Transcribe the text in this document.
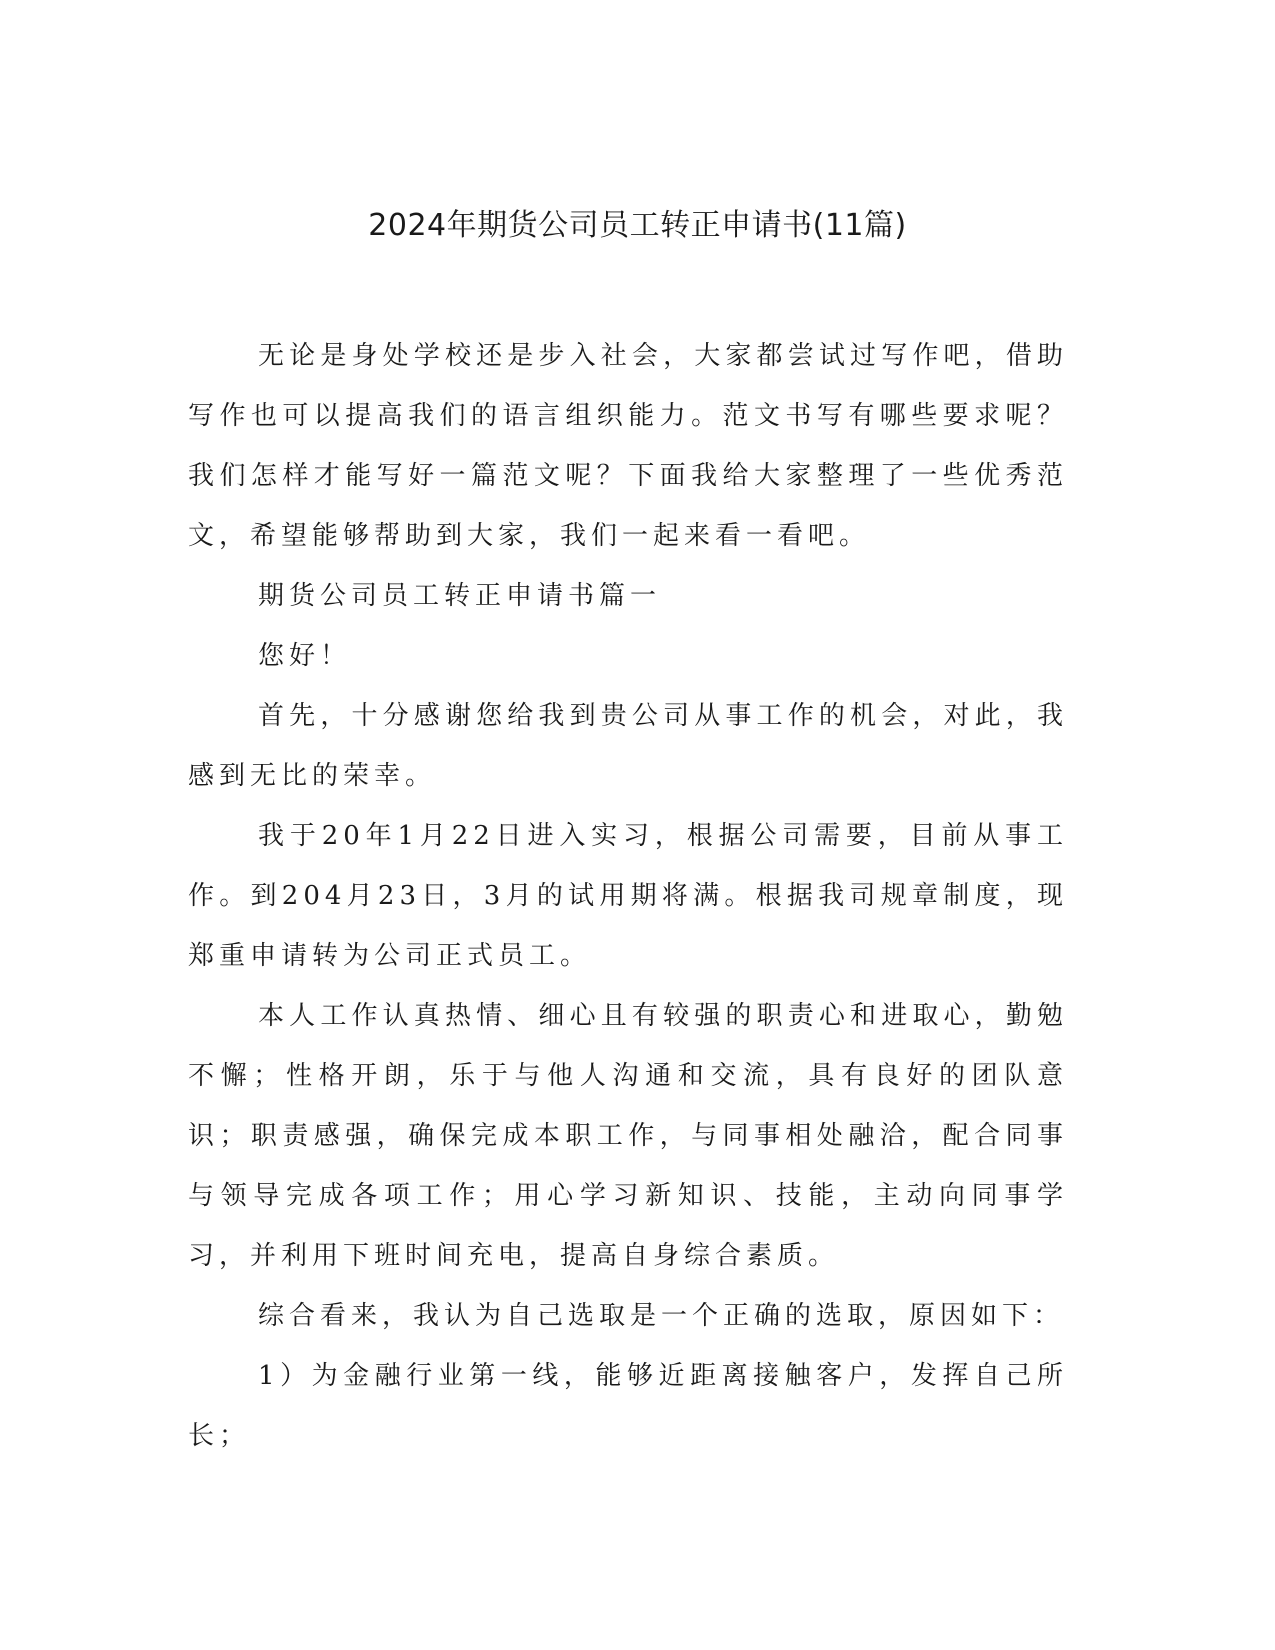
2024年期货公司员工转正申请书(11篇)

无论是身处学校还是步入社会，大家都尝试过写作吧，借助写作也可以提高我们的语言组织能力。范文书写有哪些要求呢？我们怎样才能写好一篇范文呢？下面我给大家整理了一些优秀范文，希望能够帮助到大家，我们一起来看一看吧。

期货公司员工转正申请书篇一

您好！

首先，十分感谢您给我到贵公司从事工作的机会，对此，我感到无比的荣幸。

我于20年1月22日进入实习，根据公司需要，目前从事工作。到204月23日，3月的试用期将满。根据我司规章制度，现郑重申请转为公司正式员工。

本人工作认真热情、细心且有较强的职责心和进取心，勤勉不懈；性格开朗，乐于与他人沟通和交流，具有良好的团队意识；职责感强，确保完成本职工作，与同事相处融洽，配合同事与领导完成各项工作；用心学习新知识、技能，主动向同事学习，并利用下班时间充电，提高自身综合素质。

综合看来，我认为自己选取是一个正确的选取，原因如下：

1）为金融行业第一线，能够近距离接触客户，发挥自己所长；
